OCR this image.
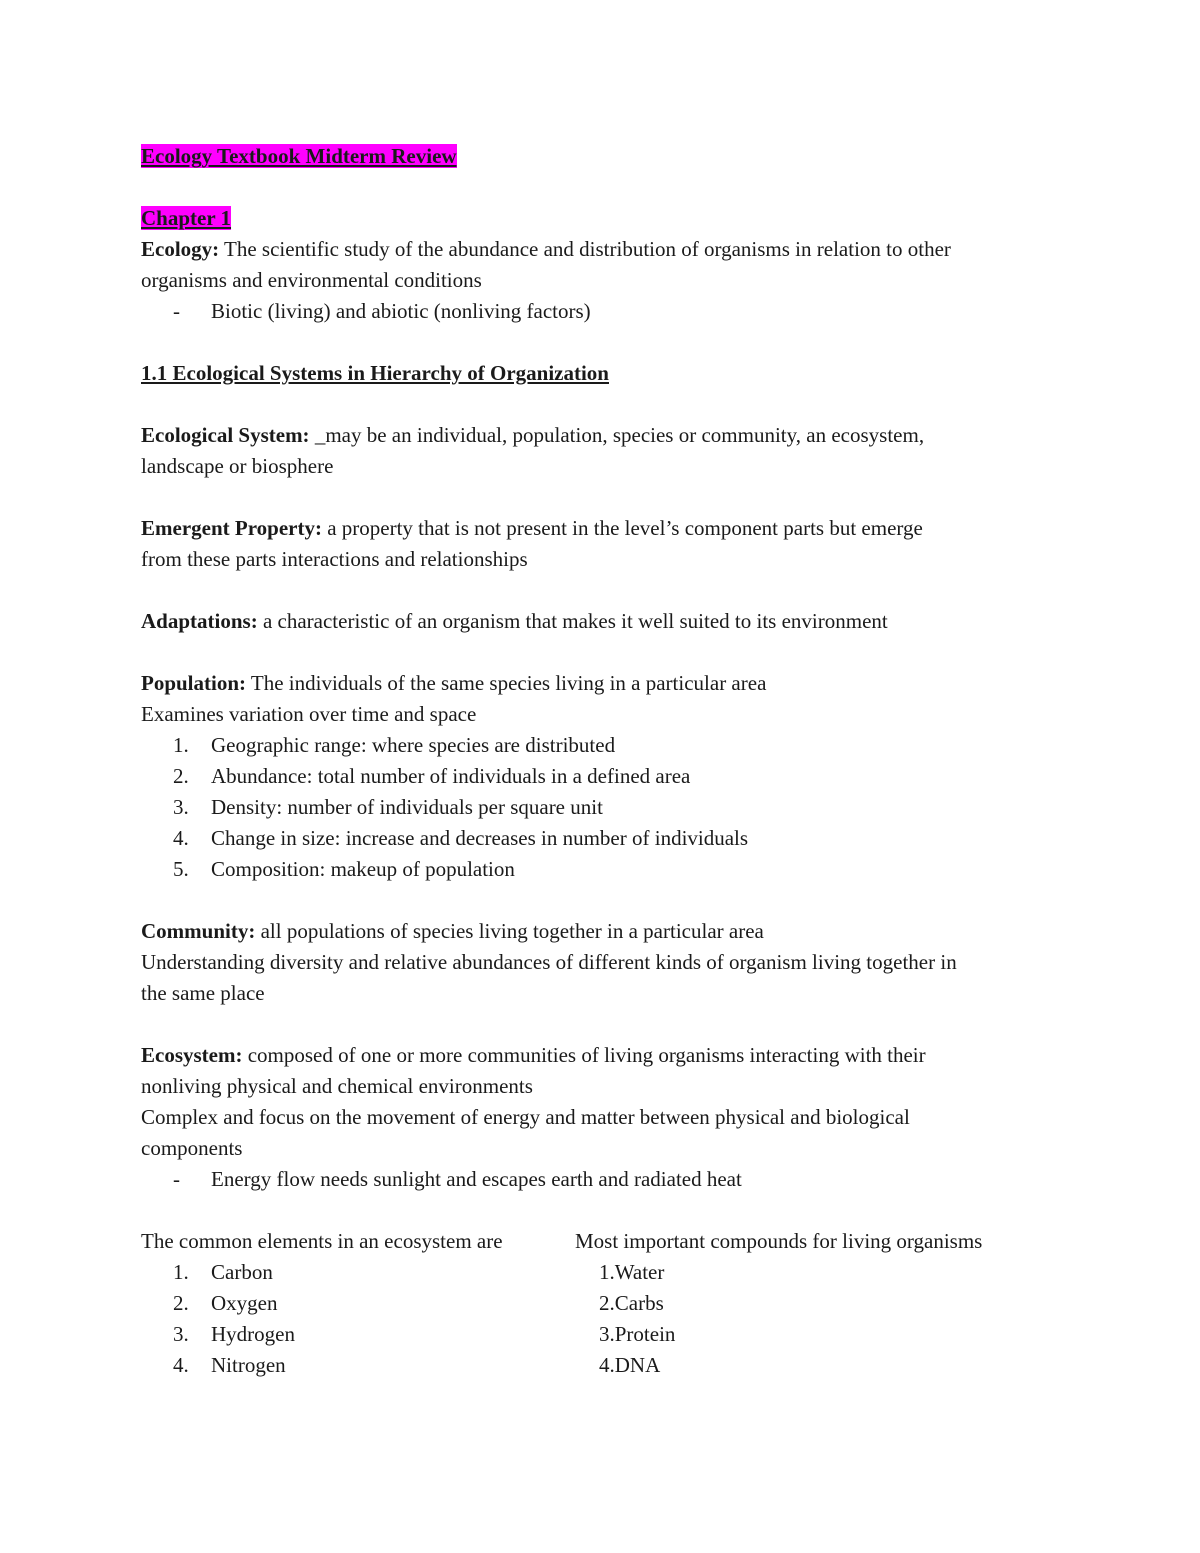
Ecology Textbook Midterm Review
Chapter 1
Ecology: The scientific study of the abundance and distribution of organisms in relation to other
organisms and environmental conditions
- Biotic (living) and abiotic (nonliving factors)
1.1 Ecological Systems in Hierarchy of Organization
Ecological System: _may be an individual, population, species or community, an ecosystem,
landscape or biosphere
Emergent Property: a property that is not present in the level’s component parts but emerge
from these parts interactions and relationships
Adaptations: a characteristic of an organism that makes it well suited to its environment
Population: The individuals of the same species living in a particular area
Examines variation over time and space
1. Geographic range: where species are distributed
2. Abundance: total number of individuals in a defined area
3. Density: number of individuals per square unit
4. Change in size: increase and decreases in number of individuals
5. Composition: makeup of population
Community: all populations of species living together in a particular area
Understanding diversity and relative abundances of different kinds of organism living together in
the same place
Ecosystem: composed of one or more communities of living organisms interacting with their
nonliving physical and chemical environments
Complex and focus on the movement of energy and matter between physical and biological
components
- Energy flow needs sunlight and escapes earth and radiated heat
The common elements in an ecosystem are	Most important compounds for living organisms
1. Carbon	1.Water
2. Oxygen	2.Carbs
3. Hydrogen	3.Protein
4. Nitrogen	4.DNA
